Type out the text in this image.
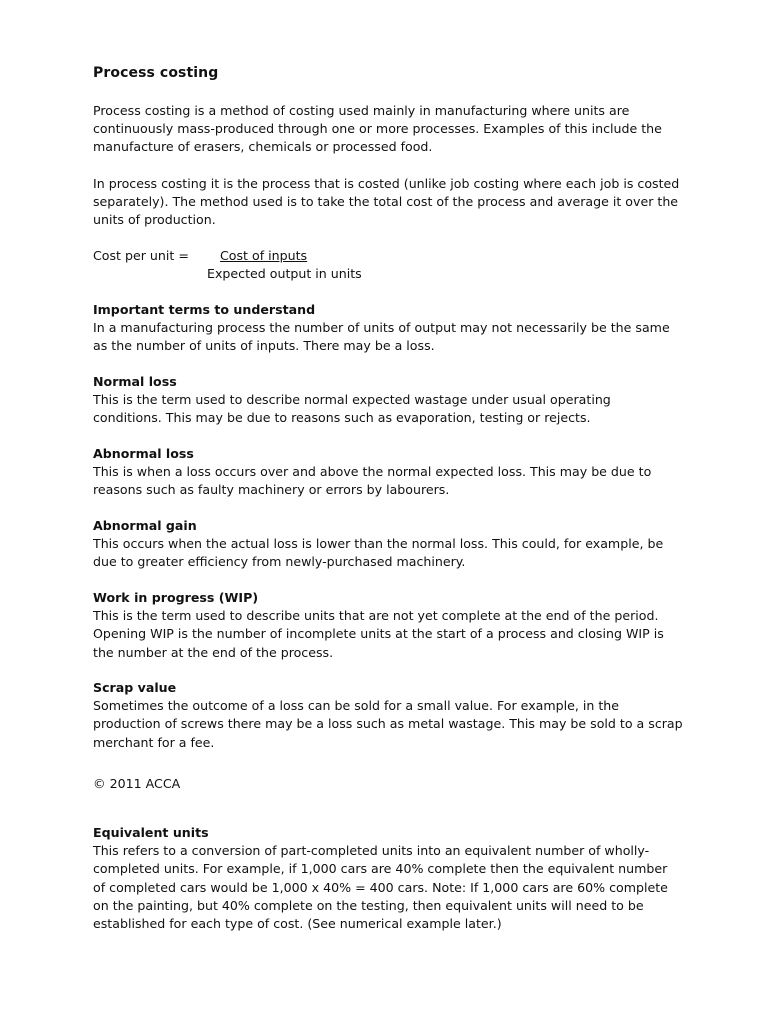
Process costing

Process costing is a method of costing used mainly in manufacturing where units are continuously mass-produced through one or more processes. Examples of this include the manufacture of erasers, chemicals or processed food.

In process costing it is the process that is costed (unlike job costing where each job is costed separately). The method used is to take the total cost of the process and average it over the units of production.

Cost per unit = Cost of inputs
Expected output in units
Important terms to understand
In a manufacturing process the number of units of output may not necessarily be the same as the number of units of inputs. There may be a loss.
Normal loss
This is the term used to describe normal expected wastage under usual operating conditions. This may be due to reasons such as evaporation, testing or rejects.
Abnormal loss
This is when a loss occurs over and above the normal expected loss. This may be due to reasons such as faulty machinery or errors by labourers.
Abnormal gain
This occurs when the actual loss is lower than the normal loss. This could, for example, be due to greater efficiency from newly-purchased machinery.
Work in progress (WIP)
This is the term used to describe units that are not yet complete at the end of the period. Opening WIP is the number of incomplete units at the start of a process and closing WIP is the number at the end of the process.
Scrap value
Sometimes the outcome of a loss can be sold for a small value. For example, in the production of screws there may be a loss such as metal wastage. This may be sold to a scrap merchant for a fee.
© 2011 ACCA
Equivalent units
This refers to a conversion of part-completed units into an equivalent number of wholly-completed units. For example, if 1,000 cars are 40% complete then the equivalent number of completed cars would be 1,000 x 40% = 400 cars. Note: If 1,000 cars are 60% complete on the painting, but 40% complete on the testing, then equivalent units will need to be established for each type of cost. (See numerical example later.)
